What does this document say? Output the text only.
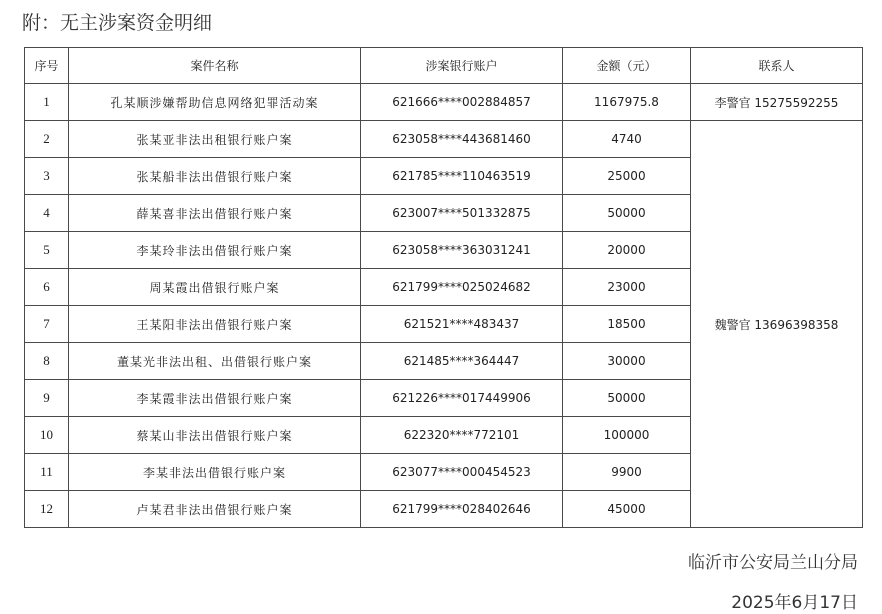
附：无主涉案资金明细
序号	案件名称	涉案银行账户	金额（元）	联系人
1	孔某顺涉嫌帮助信息网络犯罪活动案	621666****002884857	1167975.8	李警官 15275592255
2	张某亚非法出租银行账户案	623058****443681460	4740	魏警官 13696398358
3	张某船非法出借银行账户案	621785****110463519	25000	
4	薛某喜非法出借银行账户案	623007****501332875	50000	
5	李某玲非法出借银行账户案	623058****363031241	20000	
6	周某霞出借银行账户案	621799****025024682	23000	
7	王某阳非法出借银行账户案	621521****483437	18500	
8	董某光非法出租、出借银行账户案	621485****364447	30000	
9	李某霞非法出借银行账户案	621226****017449906	50000	
10	蔡某山非法出借银行账户案	622320****772101	100000	
11	李某非法出借银行账户案	623077****000454523	9900	
12	卢某君非法出借银行账户案	621799****028402646	45000	
临沂市公安局兰山分局
2025年6月17日
